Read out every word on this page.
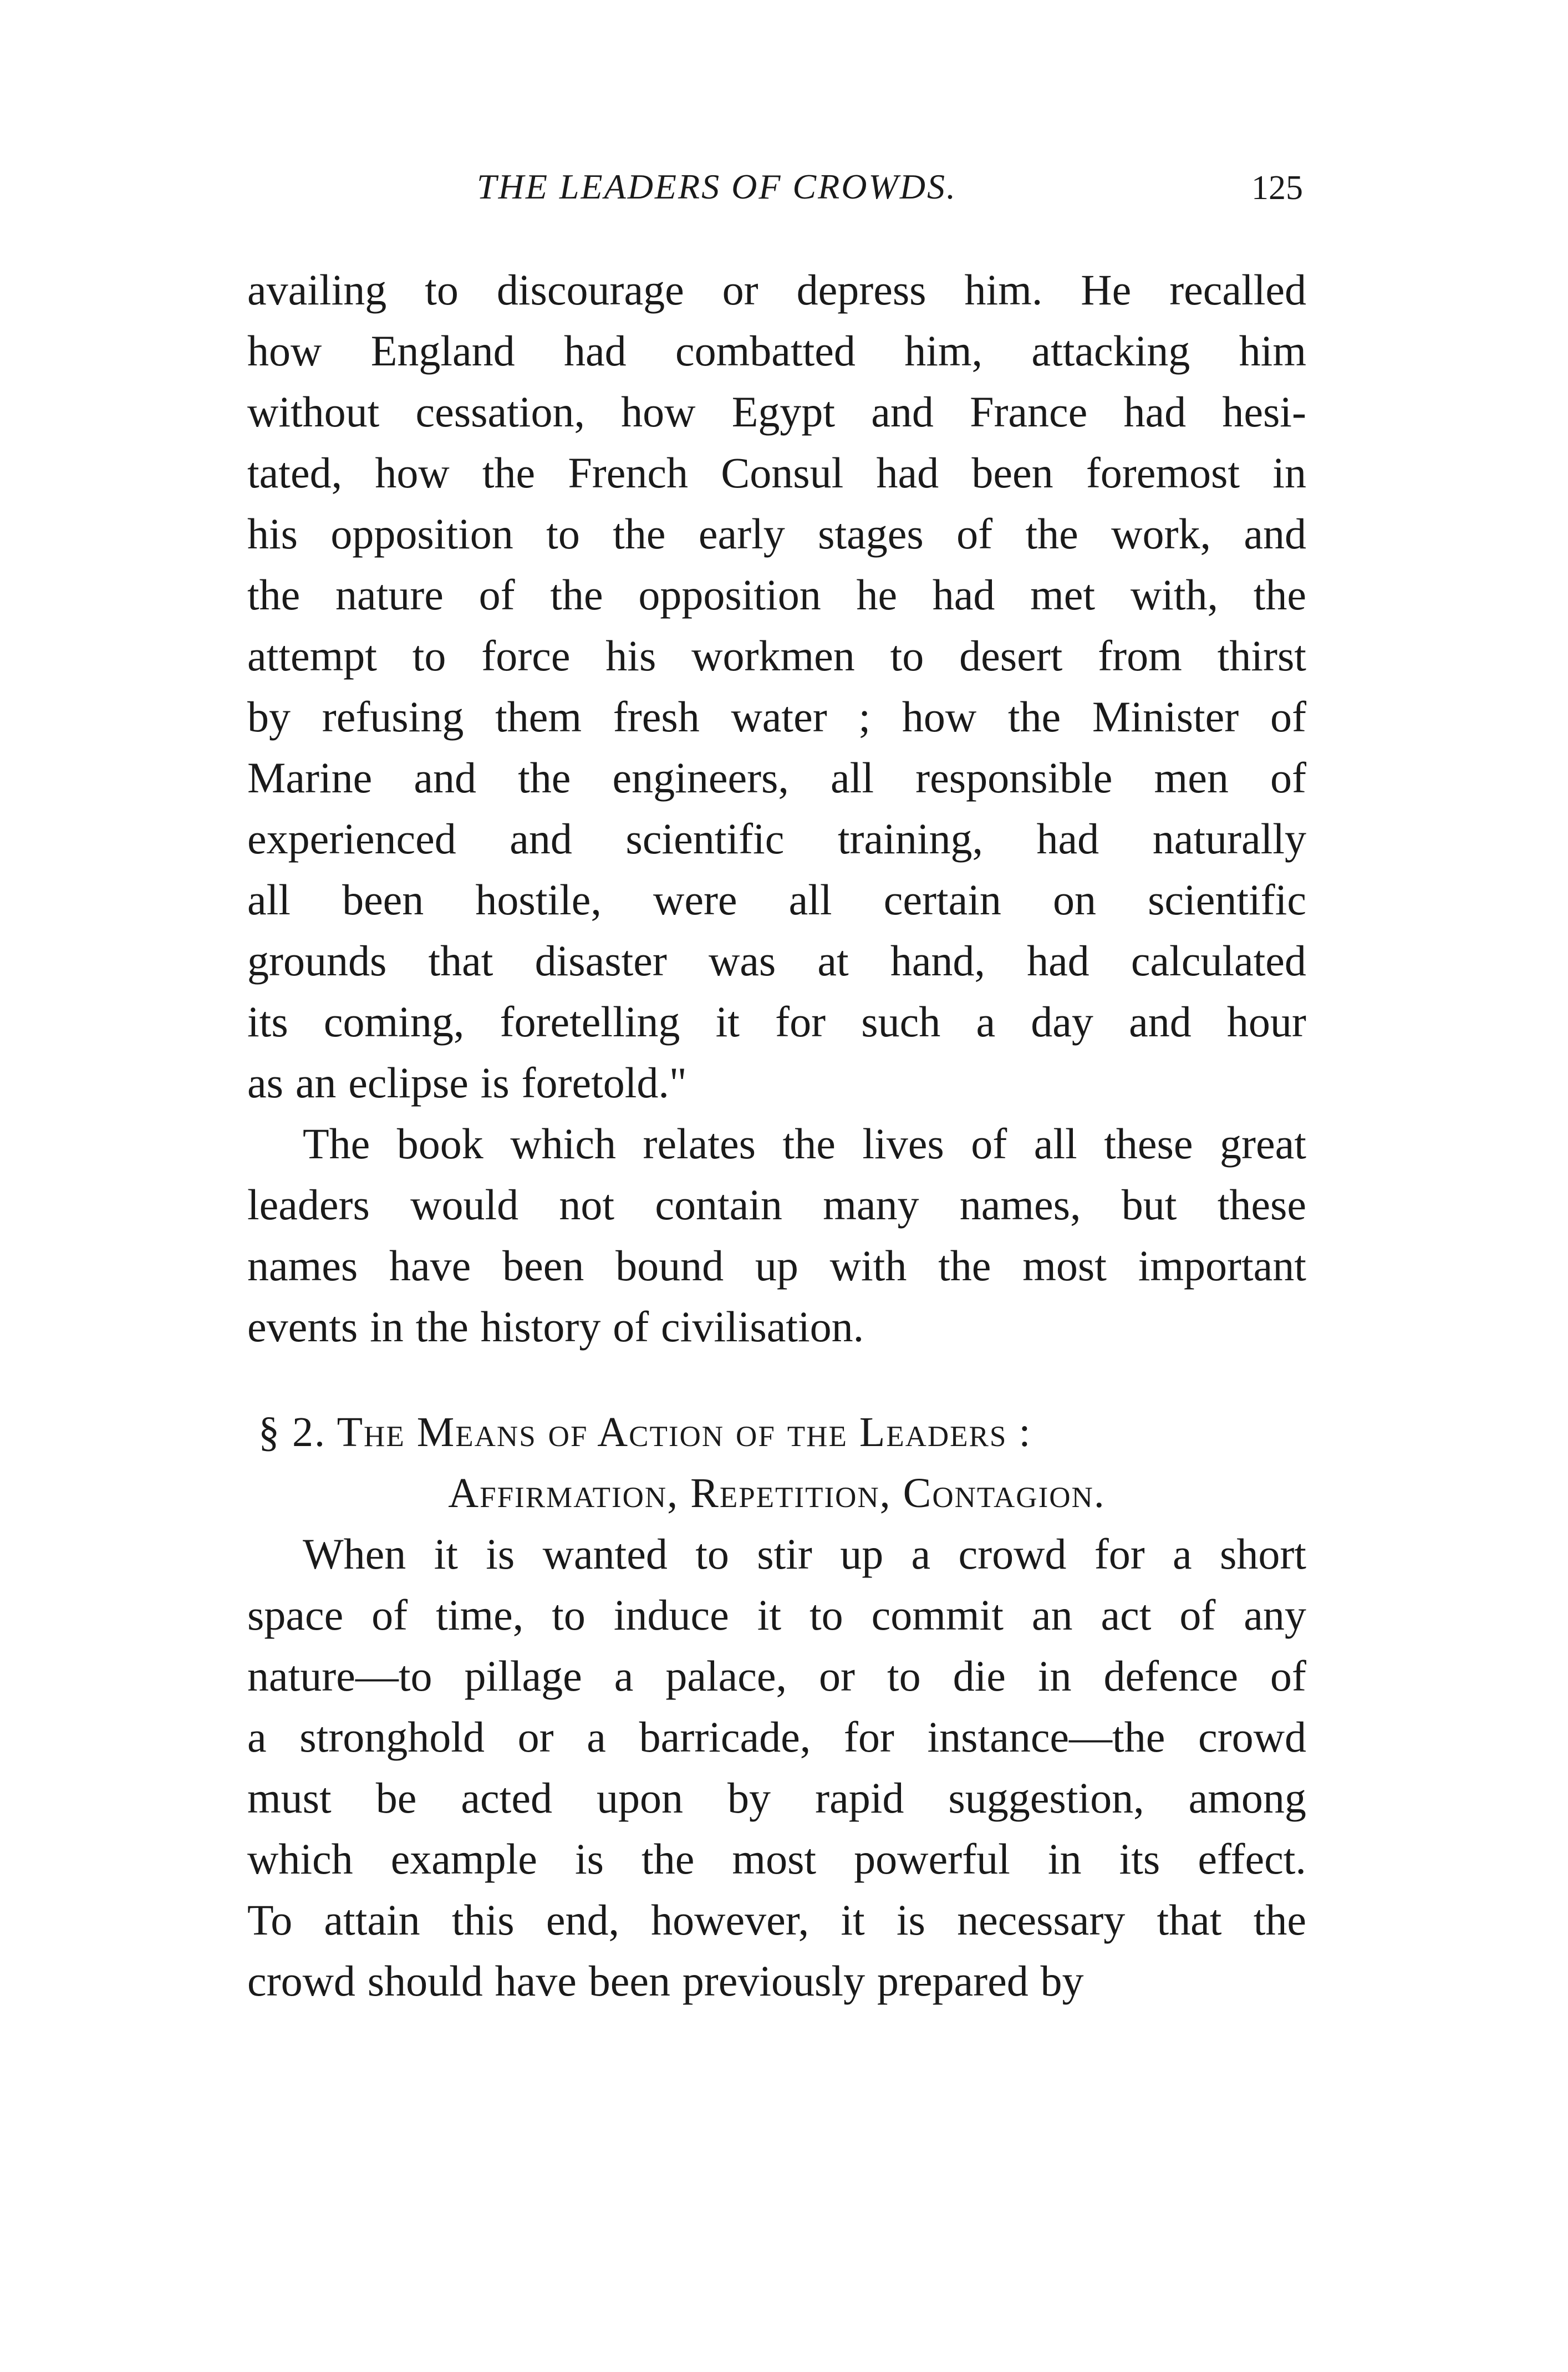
THE LEADERS OF CROWDS.	125
availing to discourage or depress him. He recalled
how England had combatted him, attacking him
without cessation, how Egypt and France had hesi-
tated, how the French Consul had been foremost in
his opposition to the early stages of the work, and
the nature of the opposition he had met with, the
attempt to force his workmen to desert from thirst
by refusing them fresh water ; how the Minister of
Marine and the engineers, all responsible men of
experienced and scientific training, had naturally
all been hostile, were all certain on scientific
grounds that disaster was at hand, had calculated
its coming, foretelling it for such a day and hour
as an eclipse is foretold."
The book which relates the lives of all these great
leaders would not contain many names, but these
names have been bound up with the most important
events in the history of civilisation.
§ 2. The Means of Action of the Leaders :
Affirmation, Repetition, Contagion.
When it is wanted to stir up a crowd for a short
space of time, to induce it to commit an act of any
nature—to pillage a palace, or to die in defence of
a stronghold or a barricade, for instance—the crowd
must be acted upon by rapid suggestion, among
which example is the most powerful in its effect.
To attain this end, however, it is necessary that the
crowd should have been previously prepared by
